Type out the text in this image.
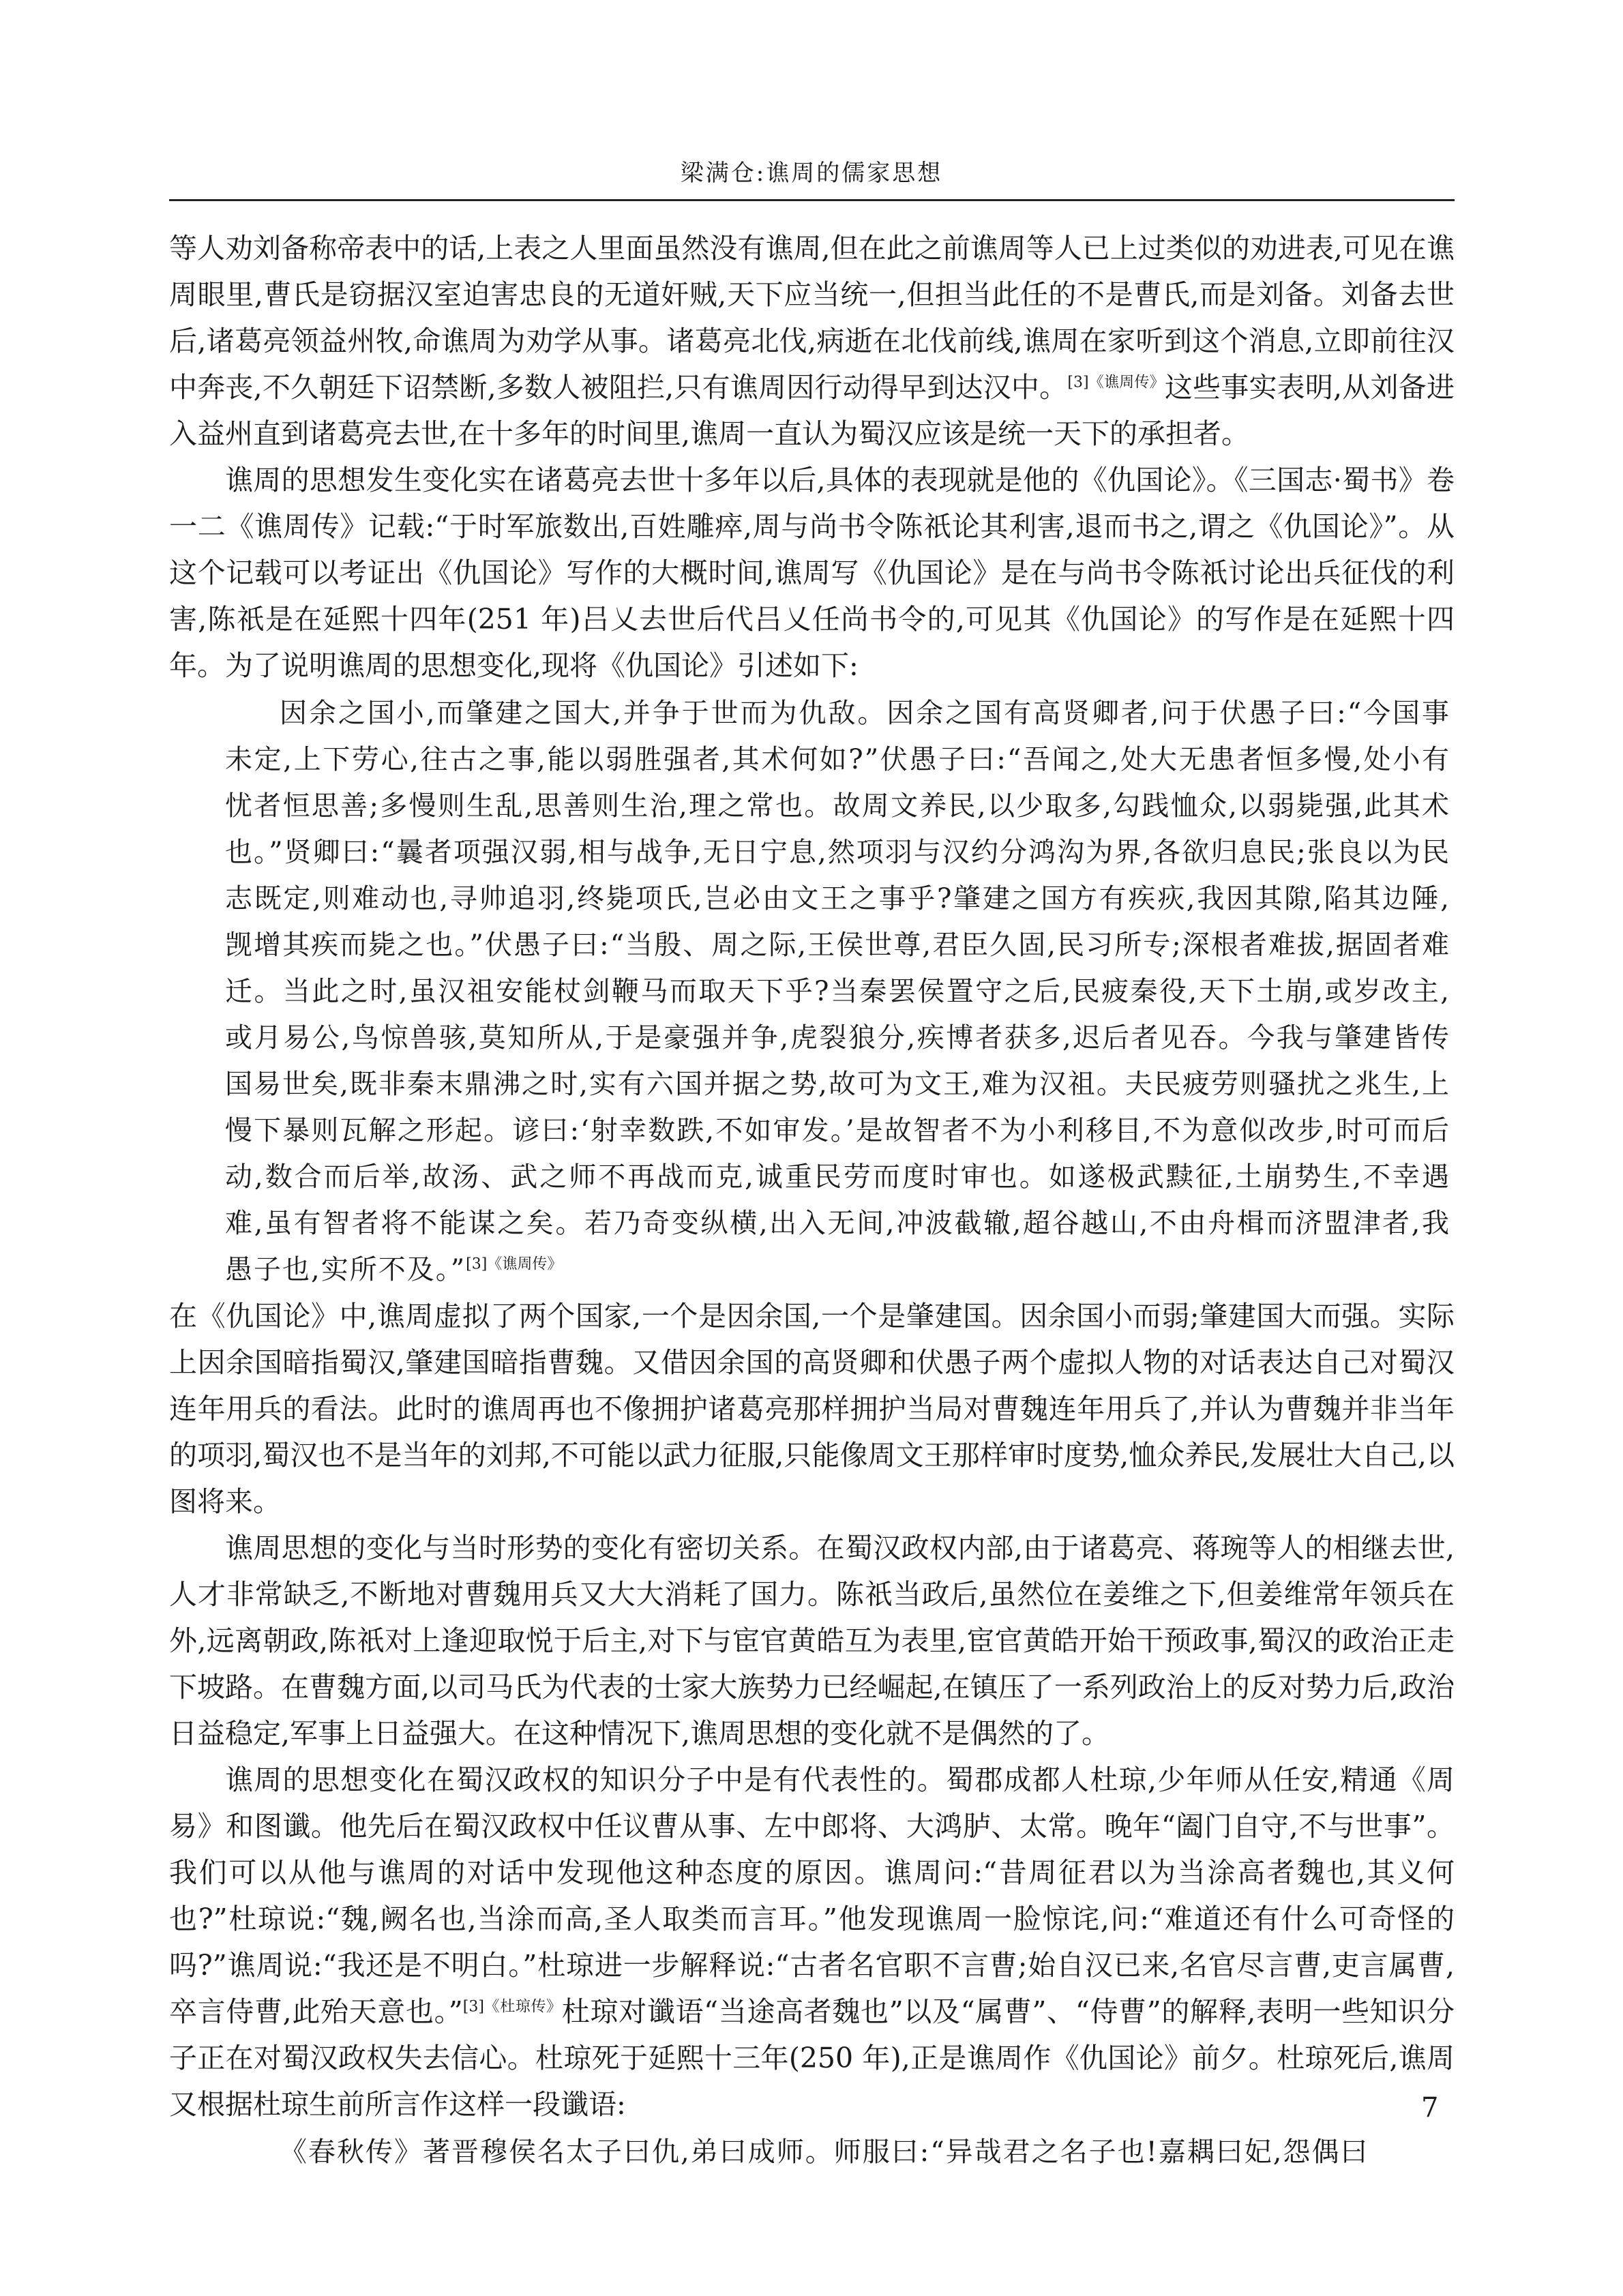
梁满仓:谯周的儒家思想

等人劝刘备称帝表中的话,上表之人里面虽然没有谯周,但在此之前谯周等人已上过类似的劝进表,可见在谯周眼里,曹氏是窃据汉室迫害忠良的无道奸贼,天下应当统一,但担当此任的不是曹氏,而是刘备。刘备去世后,诸葛亮领益州牧,命谯周为劝学从事。诸葛亮北伐,病逝在北伐前线,谯周在家听到这个消息,立即前往汉中奔丧,不久朝廷下诏禁断,多数人被阻拦,只有谯周因行动得早到达汉中。$^{[3]《谯周传》}$这些事实表明,从刘备进入益州直到诸葛亮去世,在十多年的时间里,谯周一直认为蜀汉应该是统一天下的承担者。

谯周的思想发生变化实在诸葛亮去世十多年以后,具体的表现就是他的《仇国论》。《三国志·蜀书》卷一二《谯周传》记载:“于时军旅数出,百姓雕瘁,周与尚书令陈祇论其利害,退而书之,谓之《仇国论》”。从这个记载可以考证出《仇国论》写作的大概时间,谯周写《仇国论》是在与尚书令陈祇讨论出兵征伐的利害,陈祇是在延熙十四年(251 年)吕乂去世后代吕乂任尚书令的,可见其《仇国论》的写作是在延熙十四年。为了说明谯周的思想变化,现将《仇国论》引述如下:

因余之国小,而肇建之国大,并争于世而为仇敌。因余之国有高贤卿者,问于伏愚子曰:“今国事未定,上下劳心,往古之事,能以弱胜强者,其术何如?”伏愚子曰:“吾闻之,处大无患者恒多慢,处小有忧者恒思善;多慢则生乱,思善则生治,理之常也。故周文养民,以少取多,勾践恤众,以弱毙强,此其术也。”贤卿曰:“曩者项强汉弱,相与战争,无日宁息,然项羽与汉约分鸿沟为界,各欲归息民;张良以为民志既定,则难动也,寻帅追羽,终毙项氏,岂必由文王之事乎?肇建之国方有疾疢,我因其隙,陷其边陲,觊增其疾而毙之也。”伏愚子曰:“当殷、周之际,王侯世尊,君臣久固,民习所专;深根者难拔,据固者难迁。当此之时,虽汉祖安能杖剑鞭马而取天下乎?当秦罢侯置守之后,民疲秦役,天下土崩,或岁改主,或月易公,鸟惊兽骇,莫知所从,于是豪强并争,虎裂狼分,疾博者获多,迟后者见吞。今我与肇建皆传国易世矣,既非秦末鼎沸之时,实有六国并据之势,故可为文王,难为汉祖。夫民疲劳则骚扰之兆生,上慢下暴则瓦解之形起。谚曰:‘射幸数跌,不如审发。’是故智者不为小利移目,不为意似改步,时可而后动,数合而后举,故汤、武之师不再战而克,诚重民劳而度时审也。如遂极武黩征,土崩势生,不幸遇难,虽有智者将不能谋之矣。若乃奇变纵横,出入无间,冲波截辙,超谷越山,不由舟楫而济盟津者,我愚子也,实所不及。”$^{[3]《谯周传》}$

在《仇国论》中,谯周虚拟了两个国家,一个是因余国,一个是肇建国。因余国小而弱;肇建国大而强。实际上因余国暗指蜀汉,肇建国暗指曹魏。又借因余国的高贤卿和伏愚子两个虚拟人物的对话表达自己对蜀汉连年用兵的看法。此时的谯周再也不像拥护诸葛亮那样拥护当局对曹魏连年用兵了,并认为曹魏并非当年的项羽,蜀汉也不是当年的刘邦,不可能以武力征服,只能像周文王那样审时度势,恤众养民,发展壮大自己,以图将来。

谯周思想的变化与当时形势的变化有密切关系。在蜀汉政权内部,由于诸葛亮、蒋琬等人的相继去世,人才非常缺乏,不断地对曹魏用兵又大大消耗了国力。陈祇当政后,虽然位在姜维之下,但姜维常年领兵在外,远离朝政,陈祇对上逢迎取悦于后主,对下与宦官黄皓互为表里,宦官黄皓开始干预政事,蜀汉的政治正走下坡路。在曹魏方面,以司马氏为代表的士家大族势力已经崛起,在镇压了一系列政治上的反对势力后,政治日益稳定,军事上日益强大。在这种情况下,谯周思想的变化就不是偶然的了。

谯周的思想变化在蜀汉政权的知识分子中是有代表性的。蜀郡成都人杜琼,少年师从任安,精通《周易》和图谶。他先后在蜀汉政权中任议曹从事、左中郎将、大鸿胪、太常。晚年“阖门自守,不与世事”。我们可以从他与谯周的对话中发现他这种态度的原因。谯周问:“昔周征君以为当涂高者魏也,其义何也?”杜琼说:“魏,阙名也,当涂而高,圣人取类而言耳。”他发现谯周一脸惊诧,问:“难道还有什么可奇怪的吗?”谯周说:“我还是不明白。”杜琼进一步解释说:“古者名官职不言曹;始自汉已来,名官尽言曹,吏言属曹,卒言侍曹,此殆天意也。”$^{[3]《杜琼传》}$杜琼对谶语“当途高者魏也”以及“属曹”、“侍曹”的解释,表明一些知识分子正在对蜀汉政权失去信心。杜琼死于延熙十三年(250 年),正是谯周作《仇国论》前夕。杜琼死后,谯周又根据杜琼生前所言作这样一段谶语:

《春秋传》著晋穆侯名太子曰仇,弟曰成师。师服曰:“异哉君之名子也!嘉耦曰妃,怨偶曰

7
